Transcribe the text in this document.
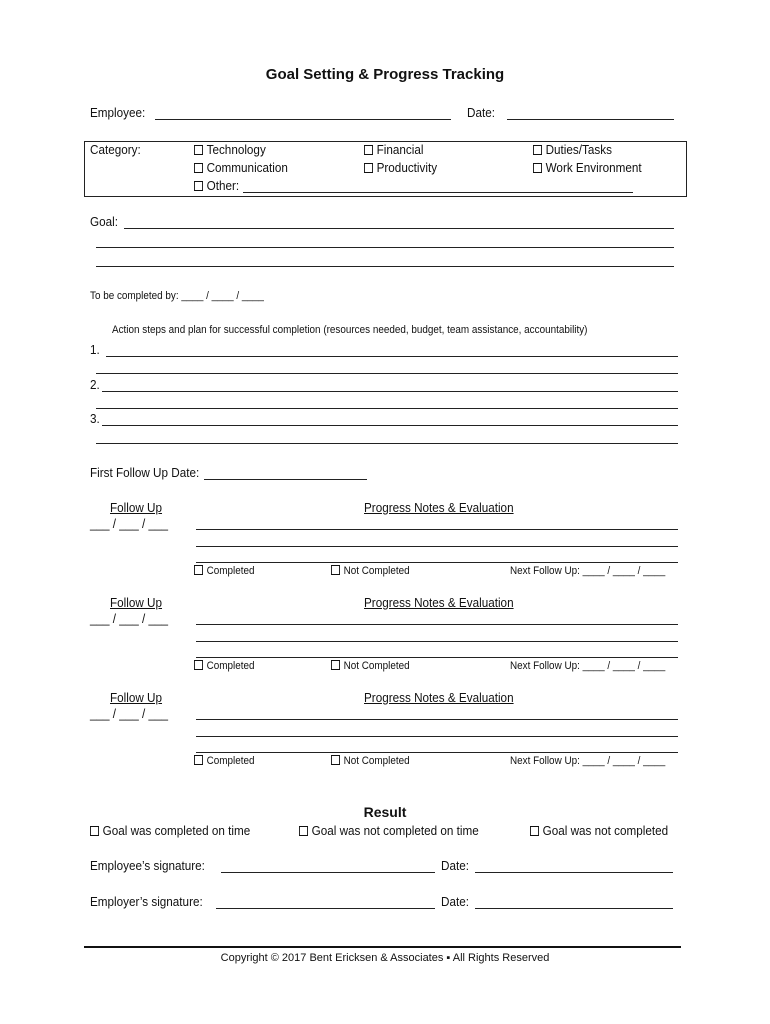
Goal Setting & Progress Tracking
Employee:	Date:
Category:	Technology
Communication
Other:
Financial
Productivity
Duties/Tasks
Work Environment
Goal:
To be completed by: ____ / ____ / ____
Action steps and plan for successful completion (resources needed, budget, team assistance, accountability)
1.
2.
3.
First Follow Up Date:
Follow Up
___ / ___ / ___
Progress Notes & Evaluation
Completed	Not Completed	Next Follow Up: ____ / ____ / ____
Follow Up
___ / ___ / ___
Progress Notes & Evaluation
Completed	Not Completed	Next Follow Up: ____ / ____ / ____
Follow Up
___ / ___ / ___
Progress Notes & Evaluation
Completed	Not Completed	Next Follow Up: ____ / ____ / ____
Result
Goal was completed on time	Goal was not completed on time	Goal was not completed
Employee’s signature:	Date:
Employer’s signature:	Date:
Copyright © 2017 Bent Ericksen & Associates ▪ All Rights Reserved
